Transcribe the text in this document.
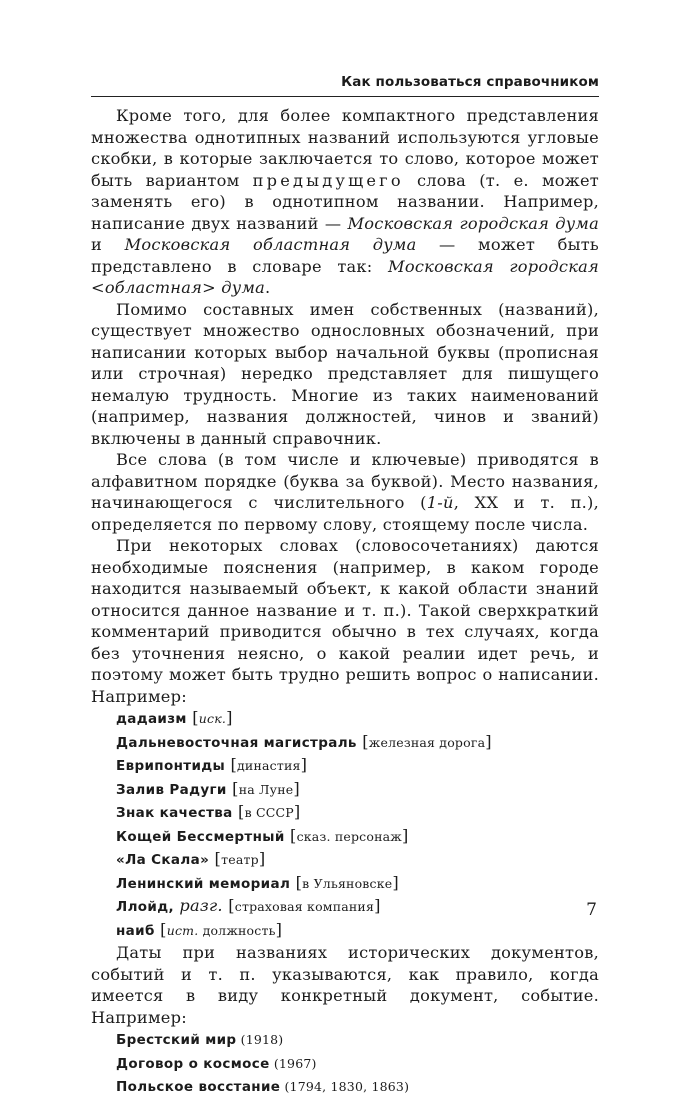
Как пользоваться справочником

Кроме того, для более компактного представления множества однотипных названий используются угловые скобки, в которые заключается то слово, которое может быть вариантом предыдущего слова (т. е. может заменять его) в однотипном названии. Например, написание двух названий — Московская городская дума и Московская областная дума — может быть представлено в словаре так: Московская городская <областная> дума.

Помимо составных имен собственных (названий), существует множество однословных обозначений, при написании которых выбор начальной буквы (прописная или строчная) нередко представляет для пишущего немалую трудность. Многие из таких наименований (например, названия должностей, чинов и званий) включены в данный справочник.

Все слова (в том числе и ключевые) приводятся в алфавитном порядке (буква за буквой). Место названия, начинающегося с числительного (1-й, XX и т. п.), определяется по первому слову, стоящему после числа.

При некоторых словах (словосочетаниях) даются необходимые пояснения (например, в каком городе находится называемый объект, к какой области знаний относится данное название и т. п.). Такой сверхкраткий комментарий приводится обычно в тех случаях, когда без уточнения неясно, о какой реалии идет речь, и поэтому может быть трудно решить вопрос о написании. Например:

дадаизм [иск.]
Дальневосточная магистраль [железная дорога]
Еврипонтиды [династия]
Залив Радуги [на Луне]
Знак качества [в СССР]
Кощей Бессмертный [сказ. персонаж]
«Ла Скала» [театр]
Ленинский мемориал [в Ульяновске]
Ллойд, разг. [страховая компания]
наиб [ист. должность]

Даты при названиях исторических документов, событий и т. п. указываются, как правило, когда имеется в виду конкретный документ, событие. Например:

Брестский мир (1918)
Договор о космосе (1967)
Польское восстание (1794, 1830, 1863)
7
